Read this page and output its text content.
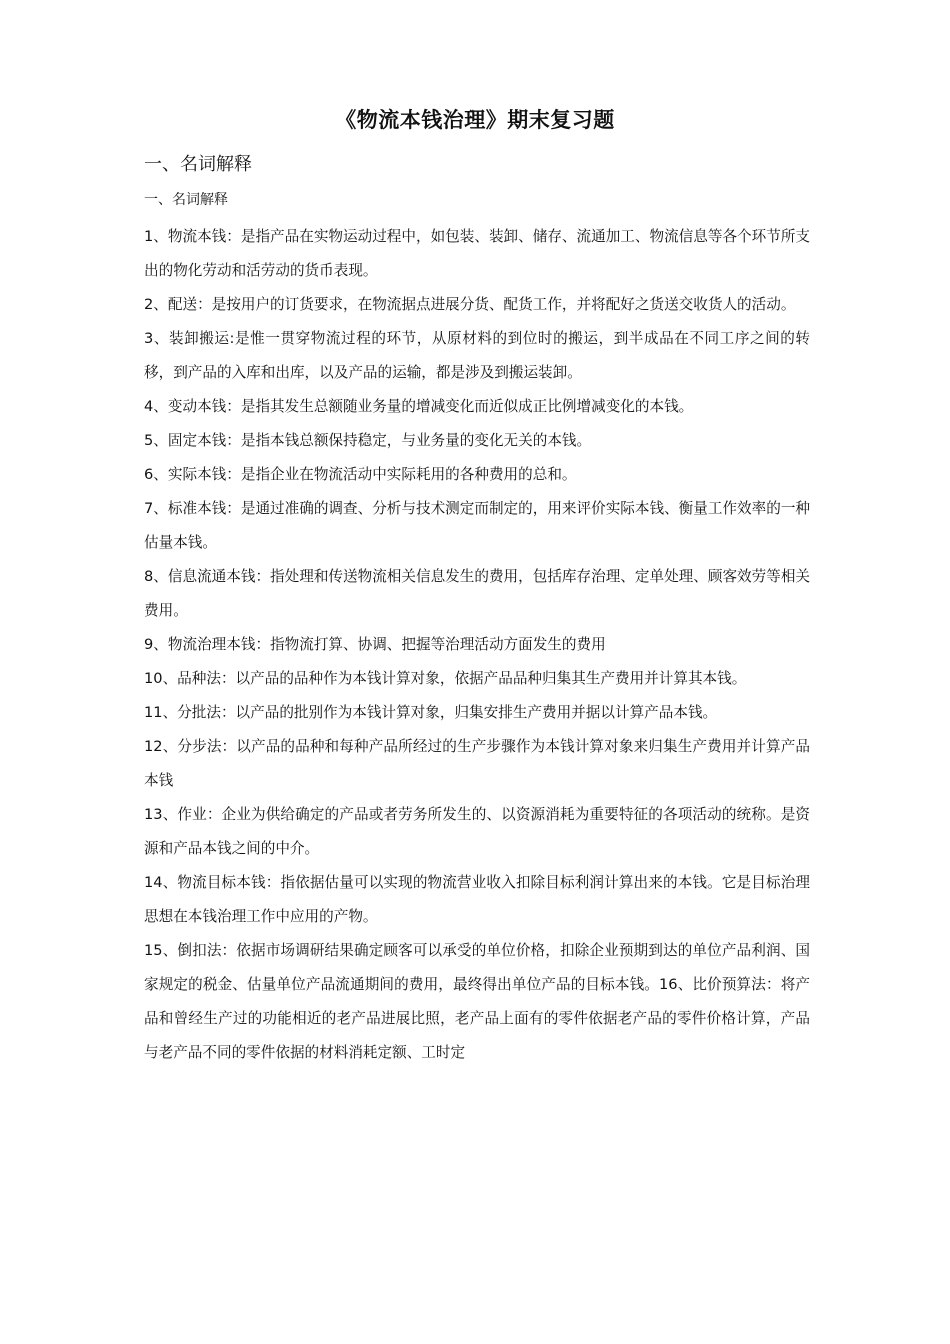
《物流本钱治理》期末复习题
一、名词解释
一、名词解释

1、物流本钱：是指产品在实物运动过程中，如包装、装卸、储存、流通加工、物流信息等各个环节所支出的物化劳动和活劳动的货币表现。

2、配送：是按用户的订货要求，在物流据点进展分货、配货工作，并将配好之货送交收货人的活动。

3、装卸搬运:是惟一贯穿物流过程的环节，从原材料的到位时的搬运，到半成品在不同工序之间的转移，到产品的入库和出库，以及产品的运输，都是涉及到搬运装卸。

4、变动本钱：是指其发生总额随业务量的增减变化而近似成正比例增减变化的本钱。

5、固定本钱：是指本钱总额保持稳定，与业务量的变化无关的本钱。

6、实际本钱：是指企业在物流活动中实际耗用的各种费用的总和。

7、标准本钱：是通过准确的调查、分析与技术测定而制定的，用来评价实际本钱、衡量工作效率的一种估量本钱。

8、信息流通本钱：指处理和传送物流相关信息发生的费用，包括库存治理、定单处理、顾客效劳等相关费用。

9、物流治理本钱：指物流打算、协调、把握等治理活动方面发生的费用

10、品种法：以产品的品种作为本钱计算对象，依据产品品种归集其生产费用并计算其本钱。

11、分批法：以产品的批别作为本钱计算对象，归集安排生产费用并据以计算产品本钱。

12、分步法：以产品的品种和每种产品所经过的生产步骤作为本钱计算对象来归集生产费用并计算产品本钱

13、作业：企业为供给确定的产品或者劳务所发生的、以资源消耗为重要特征的各项活动的统称。是资源和产品本钱之间的中介。

14、物流目标本钱：指依据估量可以实现的物流营业收入扣除目标利润计算出来的本钱。它是目标治理思想在本钱治理工作中应用的产物。

15、倒扣法：依据市场调研结果确定顾客可以承受的单位价格，扣除企业预期到达的单位产品利润、国家规定的税金、估量单位产品流通期间的费用，最终得出单位产品的目标本钱。16、比价预算法：将产品和曾经生产过的功能相近的老产品进展比照，老产品上面有的零件依据老产品的零件价格计算，产品与老产品不同的零件依据的材料消耗定额、工时定
